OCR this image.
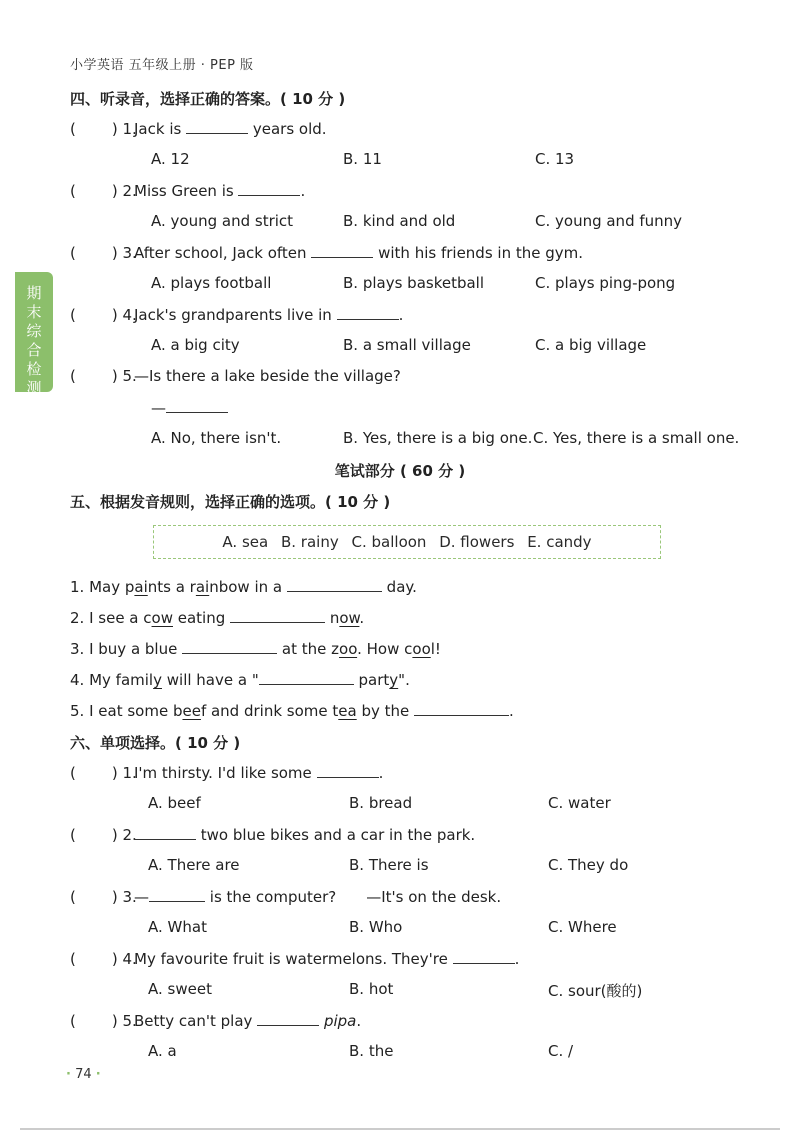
小学英语 五年级上册 · PEP 版
期末综合检测
四、听录音，选择正确的答案。( 10 分 )
( ) 1.Jack is	years old.
A. 12	B. 11	C. 13
( ) 2.Miss Green is	.
A. young and strict	B. kind and old	C. young and funny
( ) 3.After school, Jack often	with his friends in the gym.
A. plays football	B. plays basketball	C. plays ping-pong
( ) 4.Jack's grandparents live in	.
A. a big city	B. a small village	C. a big village
( ) 5.—Is there a lake beside the village?
—
A. No, there isn't.	B. Yes, there is a big one. C. Yes, there is a small one.
笔试部分 ( 60 分 )
五、根据发音规则，选择正确的选项。( 10 分 )
A. sea B. rainy C. balloon D. flowers E. candy
1. May paints a rainbow in a	day.
2. I see a cow eating	now.
3. I buy a blue	at the zoo. How cool!
4. My family will have a "	party".
5. I eat some beef and drink some tea by the	.
六、单项选择。( 10 分 )
( ) 1.I'm thirsty. I'd like some	.
A. beef	B. bread	C. water
( ) 2.	two blue bikes and a car in the park.
A. There are	B. There is	C. They do
( ) 3.—	is the computer? —It's on the desk.
A. What	B. Who	C. Where
( ) 4.My favourite fruit is watermelons. They're	.
A. sweet	B. hot	C. sour(酸的)
( ) 5.Betty can't play	pipa.
A. a	B. the	C. /
· 74 ·
